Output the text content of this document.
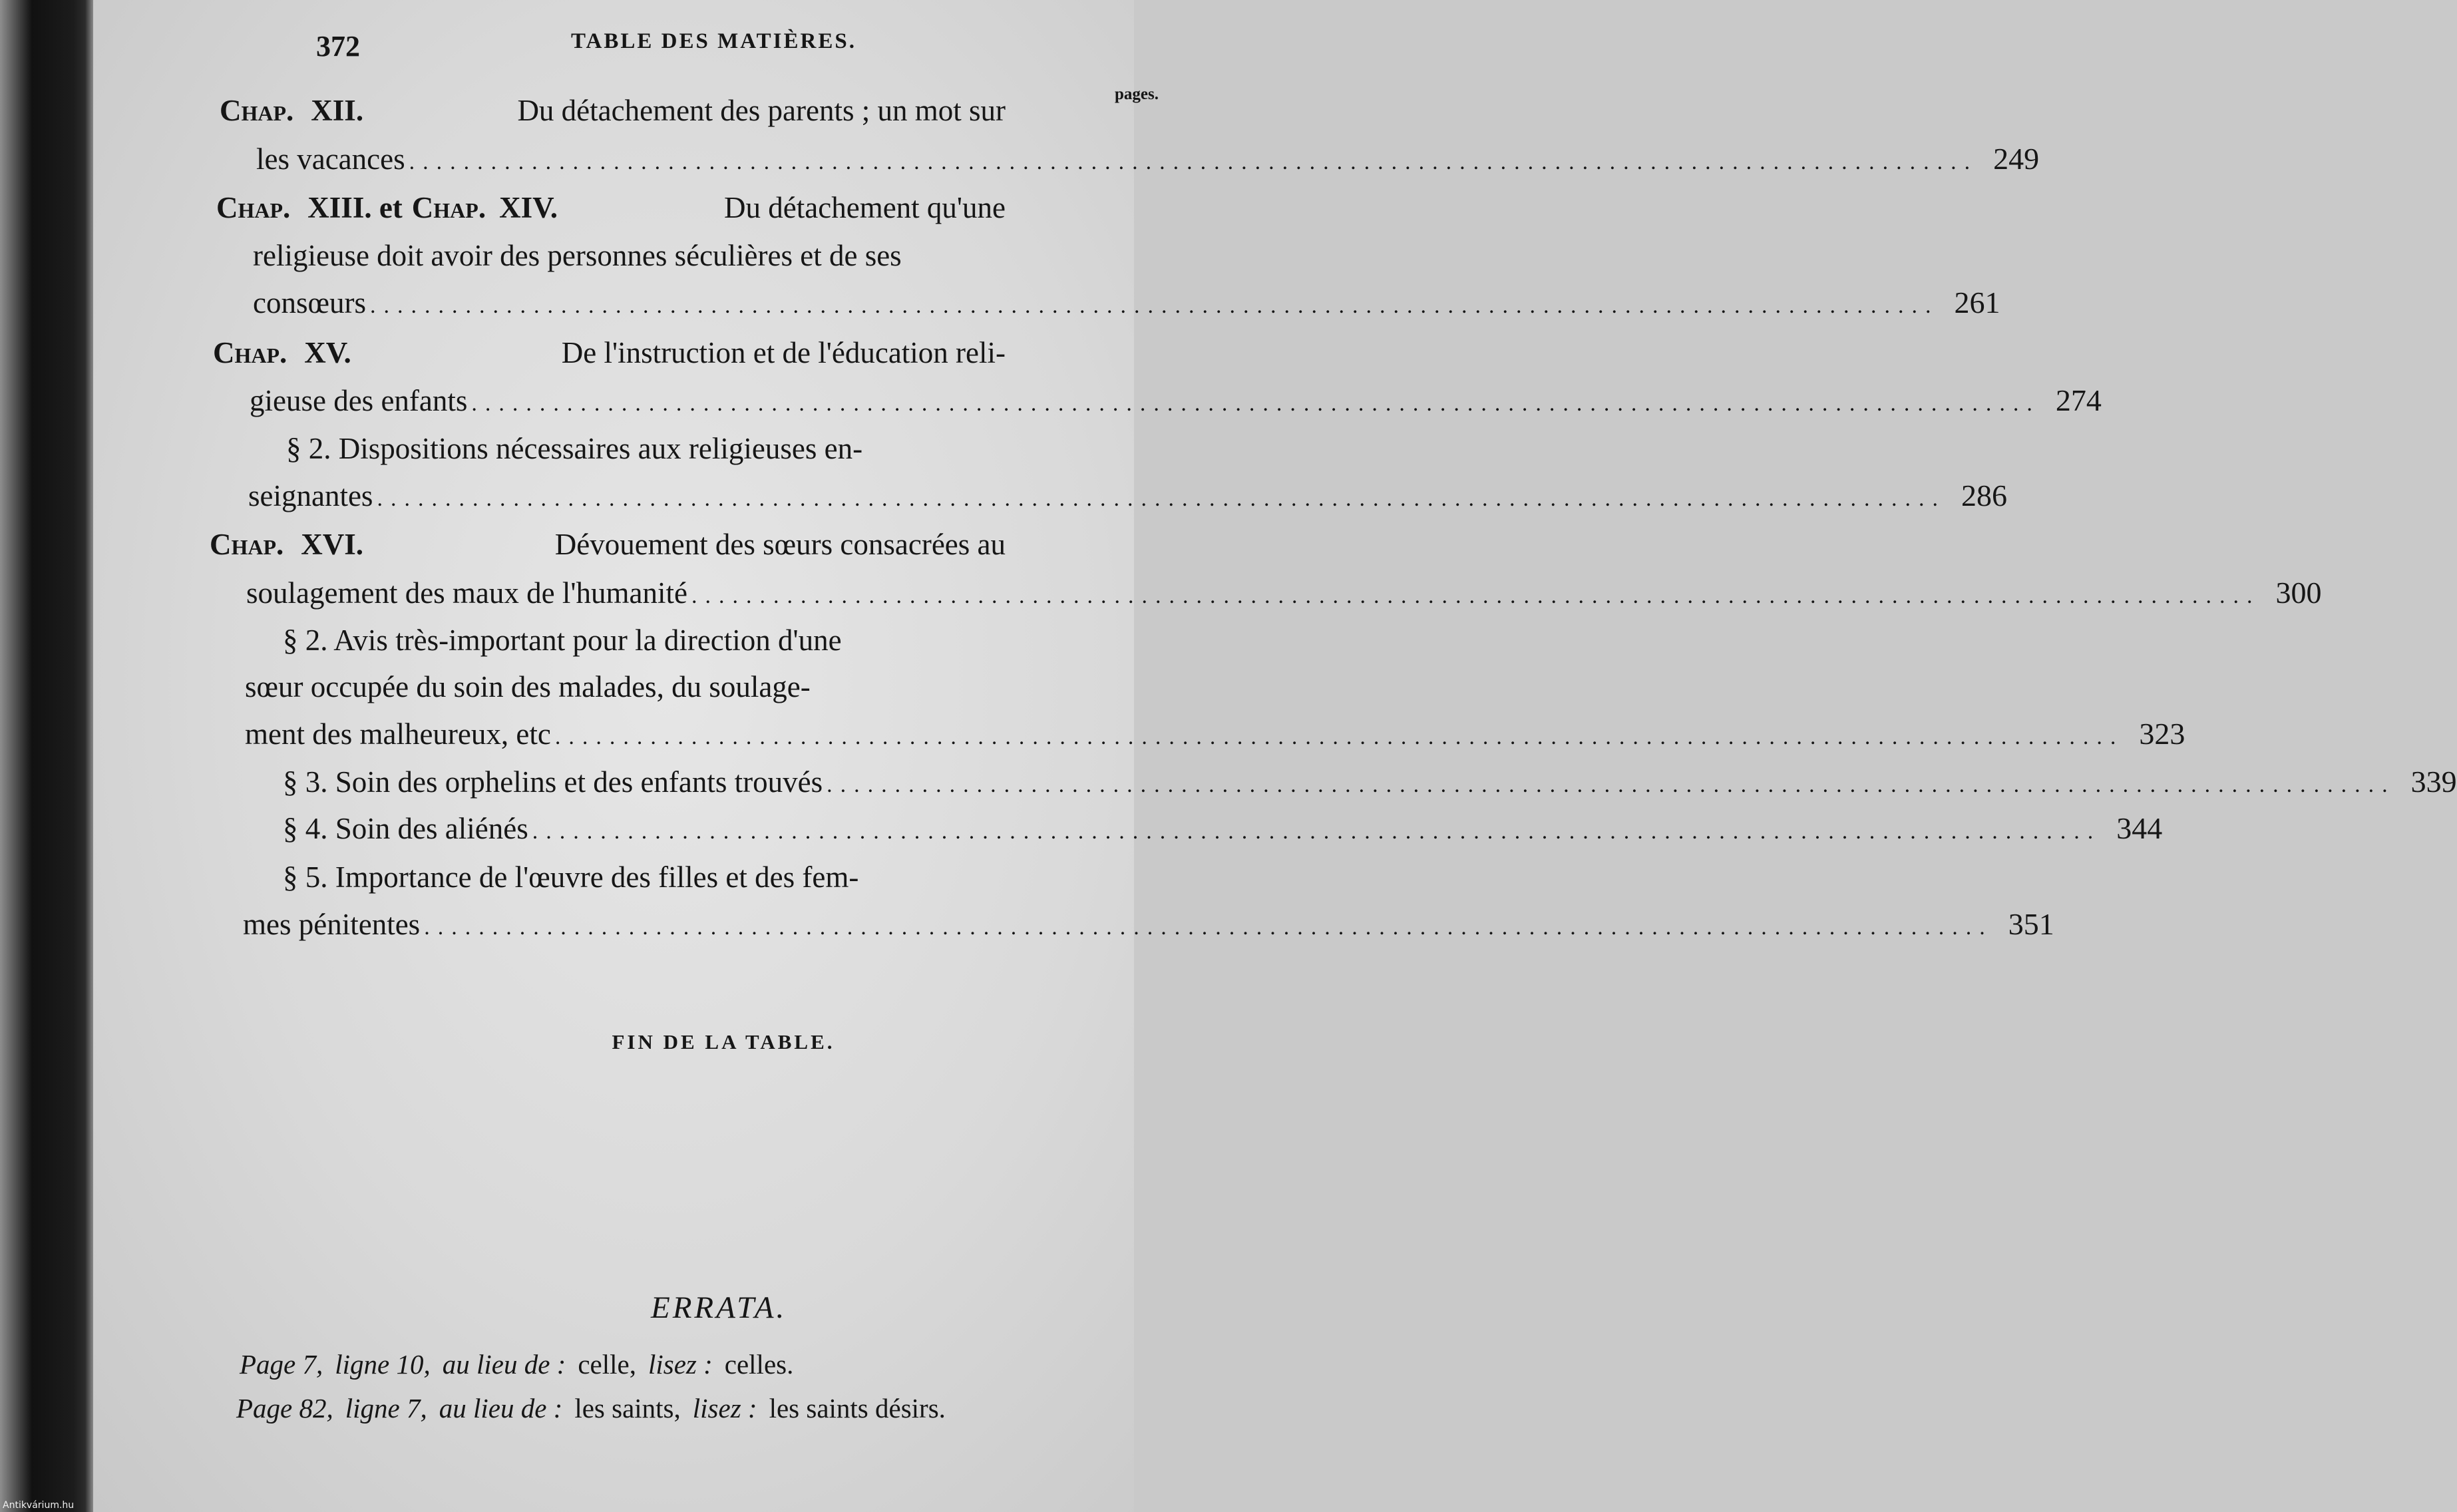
372	TABLE DES MATIÈRES.
pages.
Chap. XII.	Du détachement des parents ; un mot sur
les vacances ................................................................................................................... 249
Chap. XIII. et Chap. XIV.	Du détachement qu'une
religieuse doit avoir des personnes séculières et de ses
consœurs ................................................................................................................... 261
Chap. XV.	De l'instruction et de l'éducation reli-
gieuse des enfants ................................................................................................................... 274
§ 2. Dispositions nécessaires aux religieuses en-
seignantes ................................................................................................................... 286
Chap. XVI.	Dévouement des sœurs consacrées au
soulagement des maux de l'humanité ................................................................................................................... 300
§ 2. Avis très-important pour la direction d'une
sœur occupée du soin des malades, du soulage-
ment des malheureux, etc ................................................................................................................... 323
§ 3. Soin des orphelins et des enfants trouvés ................................................................................................................... 339
§ 4. Soin des aliénés ................................................................................................................... 344
§ 5. Importance de l'œuvre des filles et des fem-
mes pénitentes ................................................................................................................... 351
FIN DE LA TABLE.
ERRATA.
Page 7, ligne 10, au lieu de : celle, lisez : celles.
Page 82, ligne 7, au lieu de : les saints, lisez : les saints désirs.
Antikvárium.hu
